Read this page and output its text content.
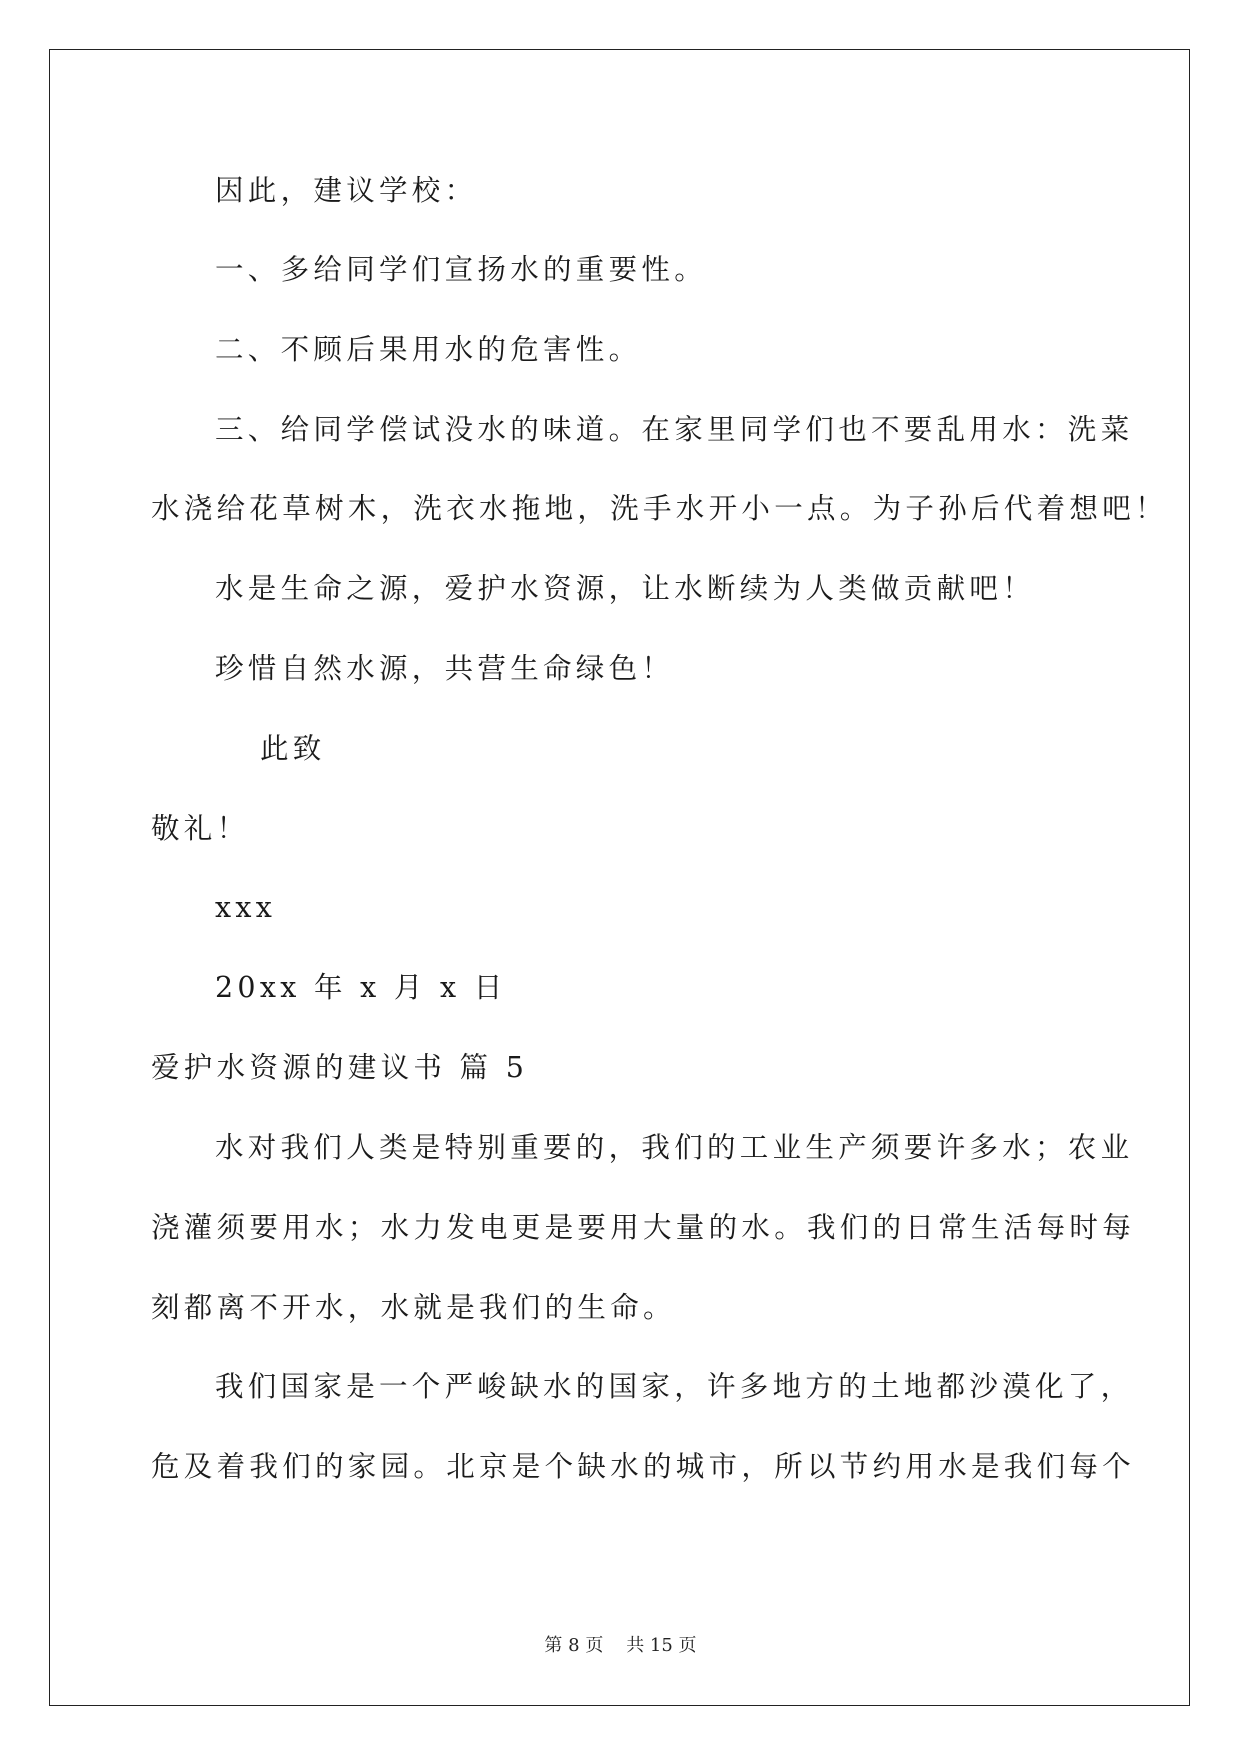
因此，建议学校：
一、多给同学们宣扬水的重要性。
二、不顾后果用水的危害性。
三、给同学偿试没水的味道。在家里同学们也不要乱用水：洗菜
水浇给花草树木，洗衣水拖地，洗手水开小一点。为子孙后代着想吧！
水是生命之源，爱护水资源，让水断续为人类做贡献吧！
珍惜自然水源，共营生命绿色！
此致
敬礼！
xxx
20xx 年 x 月 x 日
爱护水资源的建议书 篇 5
水对我们人类是特别重要的，我们的工业生产须要许多水；农业
浇灌须要用水；水力发电更是要用大量的水。我们的日常生活每时每
刻都离不开水，水就是我们的生命。
我们国家是一个严峻缺水的国家，许多地方的土地都沙漠化了，
危及着我们的家园。北京是个缺水的城市，所以节约用水是我们每个
第 8 页    共 15 页
